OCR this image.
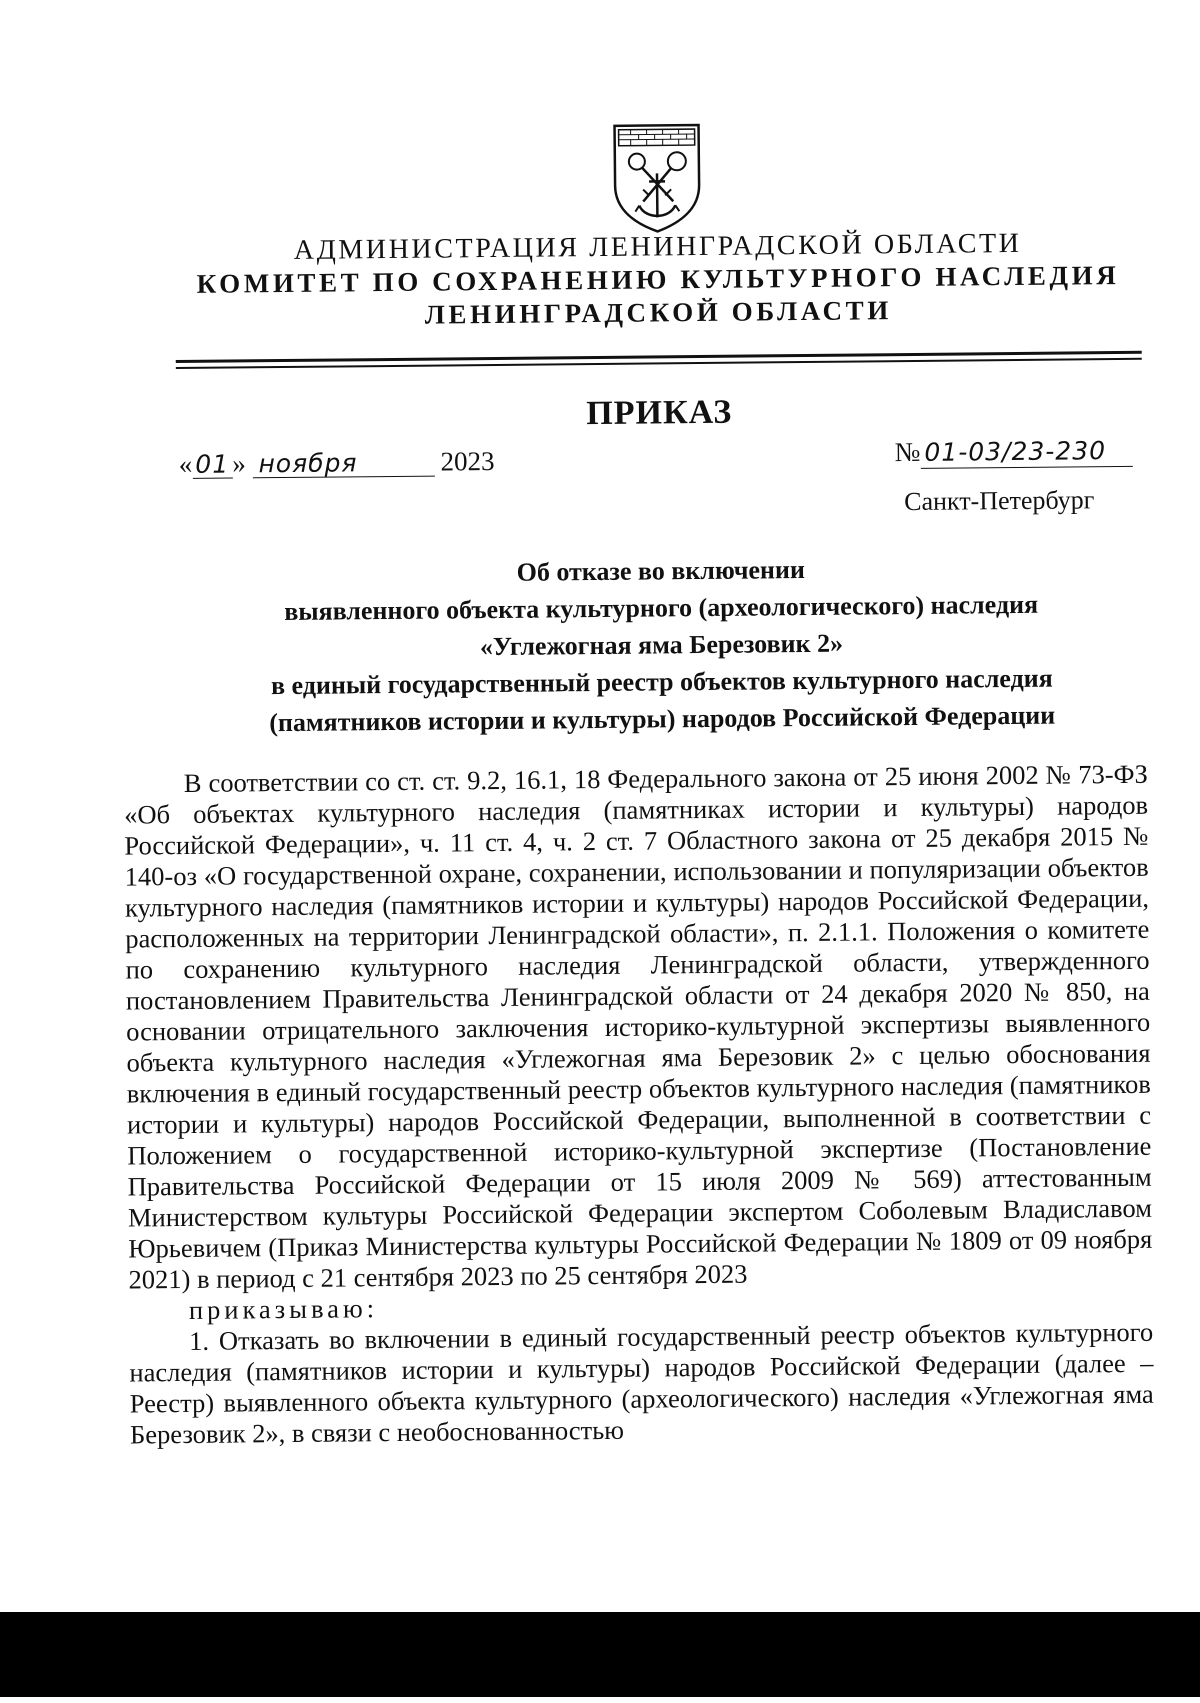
АДМИНИСТРАЦИЯ ЛЕНИНГРАДСКОЙ ОБЛАСТИ
КОМИТЕТ ПО СОХРАНЕНИЮ КУЛЬТУРНОГО НАСЛЕДИЯ
ЛЕНИНГРАДСКОЙ ОБЛАСТИ
ПРИКАЗ
« 01 » ноября	2023	№ 01-03/23-230
Санкт-Петербург
Об отказе во включении
выявленного объекта культурного (археологического) наследия
«Углежогная яма Березовик 2»
в единый государственный реестр объектов культурного наследия
(памятников истории и культуры) народов Российской Федерации

В соответствии со ст. ст. 9.2, 16.1, 18 Федерального закона от 25 июня 2002 № 73-ФЗ «Об объектах культурного наследия (памятниках истории и культуры) народов Российской Федерации», ч. 11 ст. 4, ч. 2 ст. 7 Областного закона от 25 декабря 2015 № 140-оз «О государственной охране, сохранении, использовании и популяризации объектов культурного наследия (памятников истории и культуры) народов Российской Федерации, расположенных на территории Ленинградской области», п. 2.1.1. Положения о комитете по сохранению культурного наследия Ленинградской области, утвержденного постановлением Правительства Ленинградской области от 24 декабря 2020 № 850, на основании отрицательного заключения историко-культурной экспертизы выявленного объекта культурного наследия «Углежогная яма Березовик 2» с целью обоснования включения в единый государственный реестр объектов культурного наследия (памятников истории и культуры) народов Российской Федерации, выполненной в соответствии с Положением о государственной историко-культурной экспертизе (Постановление Правительства Российской Федерации от 15 июля 2009 № 569) аттестованным Министерством культуры Российской Федерации экспертом Соболевым Владиславом Юрьевичем (Приказ Министерства культуры Российской Федерации № 1809 от 09 ноября 2021) в период с 21 сентября 2023 по 25 сентября 2023

приказываю:

1. Отказать во включении в единый государственный реестр объектов культурного наследия (памятников истории и культуры) народов Российской Федерации (далее – Реестр) выявленного объекта культурного (археологического) наследия «Углежогная яма Березовик 2», в связи с необоснованностью
